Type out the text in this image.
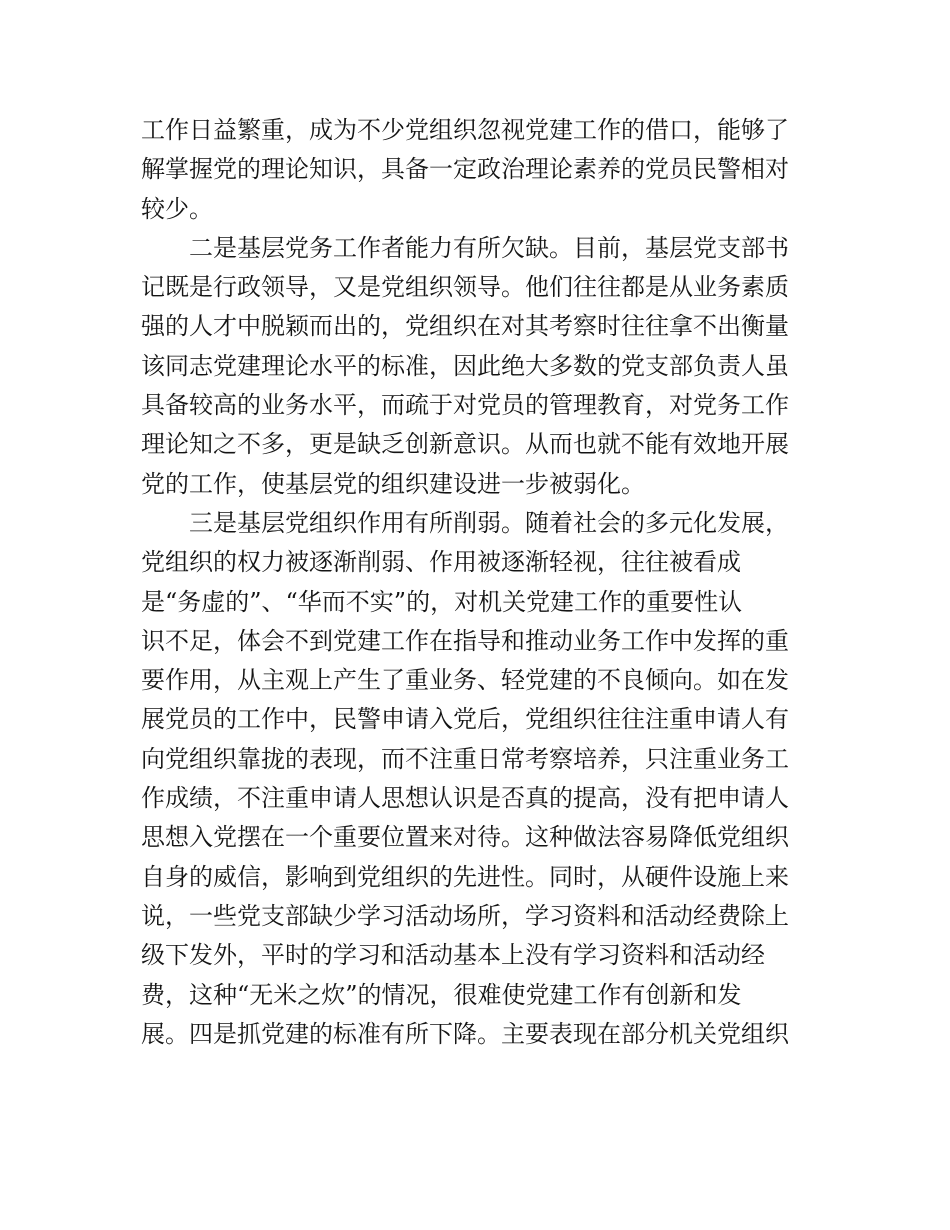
工作日益繁重，成为不少党组织忽视党建工作的借口，能够了
解掌握党的理论知识，具备一定政治理论素养的党员民警相对
较少。
二是基层党务工作者能力有所欠缺。目前，基层党支部书
记既是行政领导，又是党组织领导。他们往往都是从业务素质
强的人才中脱颖而出的，党组织在对其考察时往往拿不出衡量
该同志党建理论水平的标准，因此绝大多数的党支部负责人虽
具备较高的业务水平，而疏于对党员的管理教育，对党务工作
理论知之不多，更是缺乏创新意识。从而也就不能有效地开展
党的工作，使基层党的组织建设进一步被弱化。
三是基层党组织作用有所削弱。随着社会的多元化发展，
党组织的权力被逐渐削弱、作用被逐渐轻视，往往被看成
是“务虚的”、“华而不实”的，对机关党建工作的重要性认
识不足，体会不到党建工作在指导和推动业务工作中发挥的重
要作用，从主观上产生了重业务、轻党建的不良倾向。如在发
展党员的工作中，民警申请入党后，党组织往往注重申请人有
向党组织靠拢的表现，而不注重日常考察培养，只注重业务工
作成绩，不注重申请人思想认识是否真的提高，没有把申请人
思想入党摆在一个重要位置来对待。这种做法容易降低党组织
自身的威信，影响到党组织的先进性。同时，从硬件设施上来
说，一些党支部缺少学习活动场所，学习资料和活动经费除上
级下发外，平时的学习和活动基本上没有学习资料和活动经
费，这种“无米之炊”的情况，很难使党建工作有创新和发
展。四是抓党建的标准有所下降。主要表现在部分机关党组织
